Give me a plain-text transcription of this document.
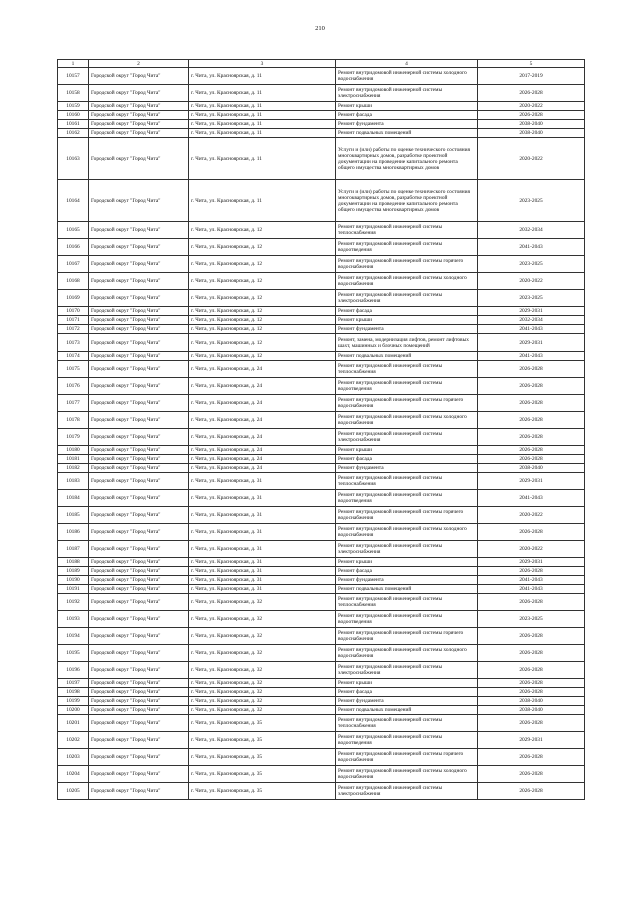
210
1	2	3	4	5
10157	Городской округ "Город Чита"	г. Чита, ул. Красноярская, д. 11	Ремонт внутридомовой инженерной системы холодного водоснабжения	2017-2019
10158	Городской округ "Город Чита"	г. Чита, ул. Красноярская, д. 11	Ремонт внутридомовой инженерной системы электроснабжения	2026-2028
10159	Городской округ "Город Чита"	г. Чита, ул. Красноярская, д. 11	Ремонт крыши	2020-2022
10160	Городской округ "Город Чита"	г. Чита, ул. Красноярская, д. 11	Ремонт фасада	2026-2028
10161	Городской округ "Город Чита"	г. Чита, ул. Красноярская, д. 11	Ремонт фундамента	2038-2040
10162	Городской округ "Город Чита"	г. Чита, ул. Красноярская, д. 11	Ремонт подвальных помещений	2038-2040
10163	Городской округ "Город Чита"	г. Чита, ул. Красноярская, д. 11	Услуги и (или) работы по оценке технического состояния многоквартирных домов, разработке проектной документации на проведение капитального ремонта общего имущества многоквартирных домов	2020-2022
10164	Городской округ "Город Чита"	г. Чита, ул. Красноярская, д. 11	Услуги и (или) работы по оценке технического состояния многоквартирных домов, разработке проектной документации на проведение капитального ремонта общего имущества многоквартирных домов	2023-2025
10165	Городской округ "Город Чита"	г. Чита, ул. Красноярская, д. 12	Ремонт внутридомовой инженерной системы теплоснабжения	2032-2034
10166	Городской округ "Город Чита"	г. Чита, ул. Красноярская, д. 12	Ремонт внутридомовой инженерной системы водоотведения	2041-2043
10167	Городской округ "Город Чита"	г. Чита, ул. Красноярская, д. 12	Ремонт внутридомовой инженерной системы горячего водоснабжения	2023-2025
10168	Городской округ "Город Чита"	г. Чита, ул. Красноярская, д. 12	Ремонт внутридомовой инженерной системы холодного водоснабжения	2020-2022
10169	Городской округ "Город Чита"	г. Чита, ул. Красноярская, д. 12	Ремонт внутридомовой инженерной системы электроснабжения	2023-2025
10170	Городской округ "Город Чита"	г. Чита, ул. Красноярская, д. 12	Ремонт фасада	2029-2031
10171	Городской округ "Город Чита"	г. Чита, ул. Красноярская, д. 12	Ремонт крыши	2032-2034
10172	Городской округ "Город Чита"	г. Чита, ул. Красноярская, д. 12	Ремонт фундамента	2041-2043
10173	Городской округ "Город Чита"	г. Чита, ул. Красноярская, д. 12	Ремонт, замена, модернизация лифтов, ремонт лифтовых шахт, машинных и блочных помещений	2029-2031
10174	Городской округ "Город Чита"	г. Чита, ул. Красноярская, д. 12	Ремонт подвальных помещений	2041-2043
10175	Городской округ "Город Чита"	г. Чита, ул. Красноярская, д. 24	Ремонт внутридомовой инженерной системы теплоснабжения	2026-2028
10176	Городской округ "Город Чита"	г. Чита, ул. Красноярская, д. 24	Ремонт внутридомовой инженерной системы водоотведения	2026-2028
10177	Городской округ "Город Чита"	г. Чита, ул. Красноярская, д. 24	Ремонт внутридомовой инженерной системы горячего водоснабжения	2026-2028
10178	Городской округ "Город Чита"	г. Чита, ул. Красноярская, д. 24	Ремонт внутридомовой инженерной системы холодного водоснабжения	2026-2028
10179	Городской округ "Город Чита"	г. Чита, ул. Красноярская, д. 24	Ремонт внутридомовой инженерной системы электроснабжения	2026-2028
10180	Городской округ "Город Чита"	г. Чита, ул. Красноярская, д. 24	Ремонт крыши	2026-2028
10181	Городской округ "Город Чита"	г. Чита, ул. Красноярская, д. 24	Ремонт фасада	2026-2028
10182	Городской округ "Город Чита"	г. Чита, ул. Красноярская, д. 24	Ремонт фундамента	2038-2040
10183	Городской округ "Город Чита"	г. Чита, ул. Красноярская, д. 31	Ремонт внутридомовой инженерной системы теплоснабжения	2029-2031
10184	Городской округ "Город Чита"	г. Чита, ул. Красноярская, д. 31	Ремонт внутридомовой инженерной системы водоотведения	2041-2043
10185	Городской округ "Город Чита"	г. Чита, ул. Красноярская, д. 31	Ремонт внутридомовой инженерной системы горячего водоснабжения	2020-2022
10186	Городской округ "Город Чита"	г. Чита, ул. Красноярская, д. 31	Ремонт внутридомовой инженерной системы холодного водоснабжения	2026-2028
10187	Городской округ "Город Чита"	г. Чита, ул. Красноярская, д. 31	Ремонт внутридомовой инженерной системы электроснабжения	2020-2022
10188	Городской округ "Город Чита"	г. Чита, ул. Красноярская, д. 31	Ремонт крыши	2029-2031
10189	Городской округ "Город Чита"	г. Чита, ул. Красноярская, д. 31	Ремонт фасада	2026-2028
10190	Городской округ "Город Чита"	г. Чита, ул. Красноярская, д. 31	Ремонт фундамента	2041-2043
10191	Городской округ "Город Чита"	г. Чита, ул. Красноярская, д. 31	Ремонт подвальных помещений	2041-2043
10192	Городской округ "Город Чита"	г. Чита, ул. Красноярская, д. 32	Ремонт внутридомовой инженерной системы теплоснабжения	2026-2028
10193	Городской округ "Город Чита"	г. Чита, ул. Красноярская, д. 32	Ремонт внутридомовой инженерной системы водоотведения	2023-2025
10194	Городской округ "Город Чита"	г. Чита, ул. Красноярская, д. 32	Ремонт внутридомовой инженерной системы горячего водоснабжения	2026-2028
10195	Городской округ "Город Чита"	г. Чита, ул. Красноярская, д. 32	Ремонт внутридомовой инженерной системы холодного водоснабжения	2026-2028
10196	Городской округ "Город Чита"	г. Чита, ул. Красноярская, д. 32	Ремонт внутридомовой инженерной системы электроснабжения	2026-2028
10197	Городской округ "Город Чита"	г. Чита, ул. Красноярская, д. 32	Ремонт крыши	2026-2028
10198	Городской округ "Город Чита"	г. Чита, ул. Красноярская, д. 32	Ремонт фасада	2026-2028
10199	Городской округ "Город Чита"	г. Чита, ул. Красноярская, д. 32	Ремонт фундамента	2038-2040
10200	Городской округ "Город Чита"	г. Чита, ул. Красноярская, д. 32	Ремонт подвальных помещений	2038-2040
10201	Городской округ "Город Чита"	г. Чита, ул. Красноярская, д. 35	Ремонт внутридомовой инженерной системы теплоснабжения	2026-2028
10202	Городской округ "Город Чита"	г. Чита, ул. Красноярская, д. 35	Ремонт внутридомовой инженерной системы водоотведения	2029-2031
10203	Городской округ "Город Чита"	г. Чита, ул. Красноярская, д. 35	Ремонт внутридомовой инженерной системы горячего водоснабжения	2026-2028
10204	Городской округ "Город Чита"	г. Чита, ул. Красноярская, д. 35	Ремонт внутридомовой инженерной системы холодного водоснабжения	2026-2028
10205	Городской округ "Город Чита"	г. Чита, ул. Красноярская, д. 35	Ремонт внутридомовой инженерной системы электроснабжения	2026-2028
